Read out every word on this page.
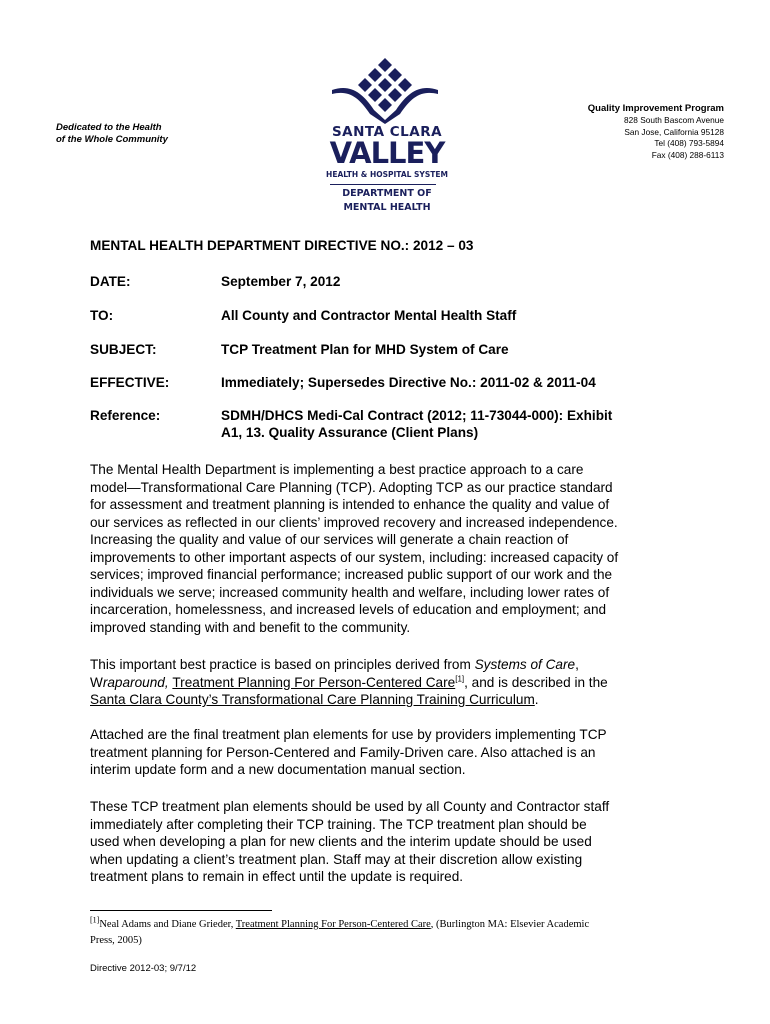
Dedicated to the Health
of the Whole Community	SANTA CLARA
VALLEY
HEALTH & HOSPITAL SYSTEM
DEPARTMENT OF
MENTAL HEALTH
Quality Improvement Program
828 South Bascom Avenue
San Jose, California 95128
Tel (408) 793-5894
Fax (408) 288-6113
MENTAL HEALTH DEPARTMENT DIRECTIVE NO.: 2012 – 03
DATE:	September 7, 2012
TO:	All County and Contractor Mental Health Staff
SUBJECT:	TCP Treatment Plan for MHD System of Care
EFFECTIVE:	Immediately; Supersedes Directive No.: 2011-02 & 2011-04
Reference:	SDMH/DHCS Medi-Cal Contract (2012; 11-73044-000): Exhibit
A1, 13. Quality Assurance (Client Plans)

The Mental Health Department is implementing a best practice approach to a care

model—Transformational Care Planning (TCP). Adopting TCP as our practice standard

for assessment and treatment planning is intended to enhance the quality and value of

our services as reflected in our clients’ improved recovery and increased independence.

Increasing the quality and value of our services will generate a chain reaction of

improvements to other important aspects of our system, including: increased capacity of

services; improved financial performance; increased public support of our work and the

individuals we serve; increased community health and welfare, including lower rates of

incarceration, homelessness, and increased levels of education and employment; and

improved standing with and benefit to the community.

This important best practice is based on principles derived from Systems of Care,

Wraparound, Treatment Planning For Person-Centered Care[1], and is described in the

Santa Clara County’s Transformational Care Planning Training Curriculum.

Attached are the final treatment plan elements for use by providers implementing TCP

treatment planning for Person-Centered and Family-Driven care. Also attached is an

interim update form and a new documentation manual section.

These TCP treatment plan elements should be used by all County and Contractor staff

immediately after completing their TCP training. The TCP treatment plan should be

used when developing a plan for new clients and the interim update should be used

when updating a client’s treatment plan. Staff may at their discretion allow existing

treatment plans to remain in effect until the update is required.

[1]Neal Adams and Diane Grieder, Treatment Planning For Person-Centered Care, (Burlington MA: Elsevier Academic
Press, 2005)
Directive 2012-03; 9/7/12
